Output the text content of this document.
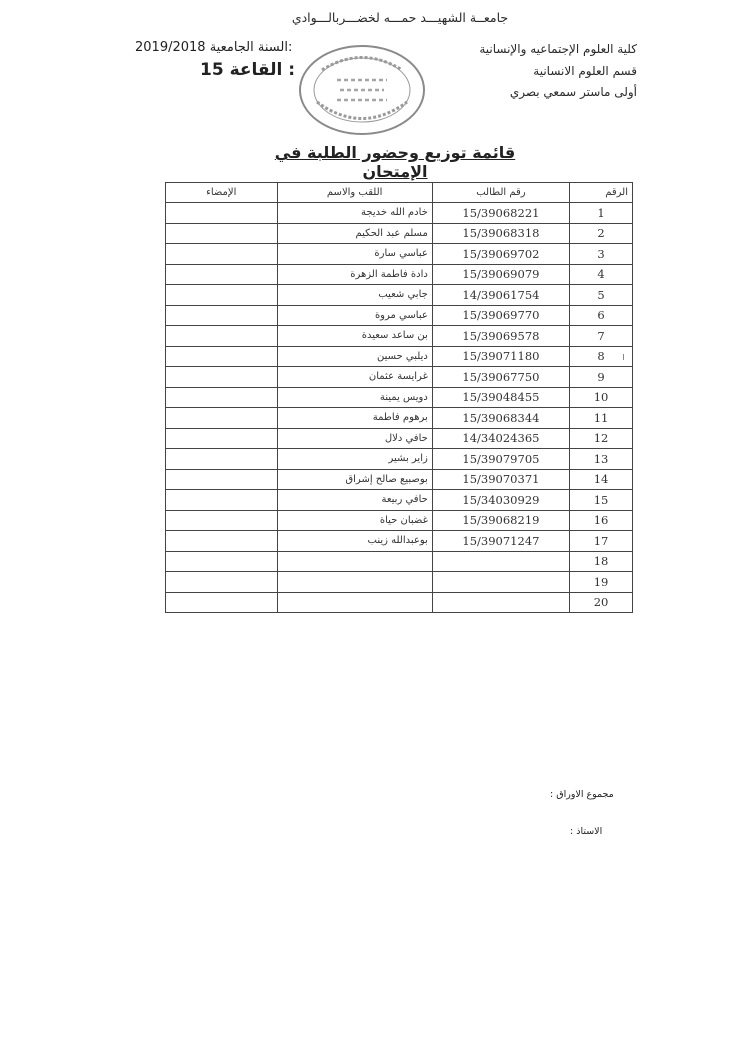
جامعــة الشهيـــد حمـــه لخضـــربالـــوادي
كلية العلوم الإجتماعيه والإنسانية
قسم العلوم الانسانية
أولى ماستر سمعي بصري
2019/2018 السنة الجامعية:
15 القاعة :
قائمة توزيع وحضور الطلبة في الإمتحان
الرقم	رقم الطالب	اللقب والاسم	الإمضاء
1	15/39068221	خادم الله خديجة	
2	15/39068318	مسلم عبد الحكيم	
3	15/39069702	عباسي سارة	
4	15/39069079	دادة فاطمة الزهرة	
5	14/39061754	جابي شعيب	
6	15/39069770	عباسي مروة	
7	15/39069578	بن ساعد سعيدة	
8	15/39071180	ديلبي حسين	
9	15/39067750	غرايسة عثمان	
10	15/39048455	دويس يمينة	
11	15/39068344	برهوم فاطمة	
12	14/34024365	حافي دلال	
13	15/39079705	زاير بشير	
14	15/39070371	بوصبيع صالح إشراق	
15	15/34030929	حافي ربيعة	
16	15/39068219	غضبان حياة	
17	15/39071247	بوعبدالله زينب	
18			
19			
20			
مجموع الاوراق :
الاستاذ :
